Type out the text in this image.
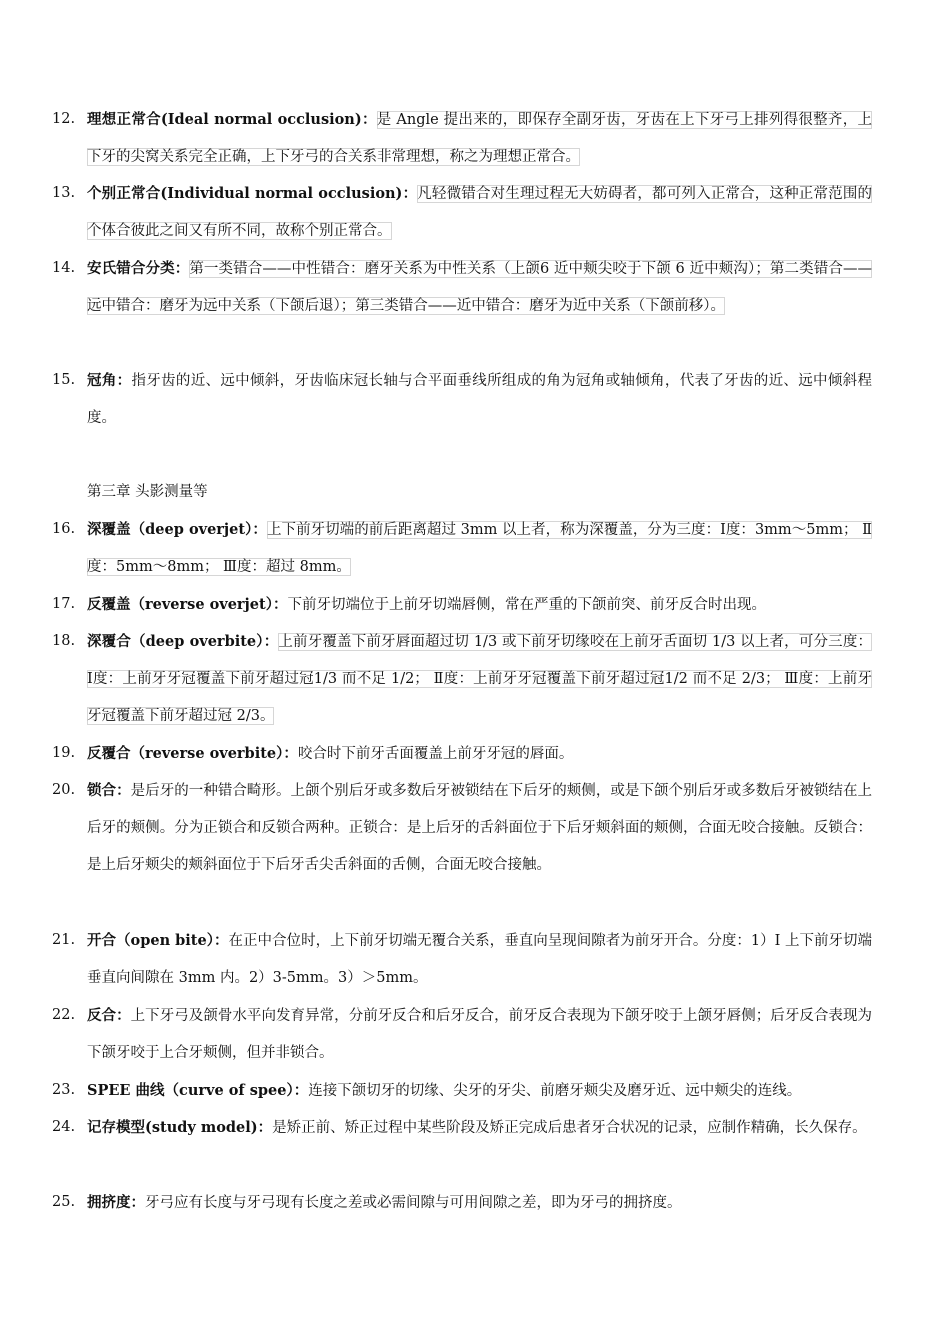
12. 理想正常合(Ideal normal occlusion)：是 Angle 提出来的，即保存全副牙齿，牙齿在上下牙弓上排列得很整齐，上下牙的尖窝关系完全正确，上下牙弓的合关系非常理想，称之为理想正常合。
13. 个别正常合(Individual normal occlusion)：凡轻微错合对生理过程无大妨碍者，都可列入正常合，这种正常范围的个体合彼此之间又有所不同，故称个别正常合。
14. 安氏错合分类：第一类错合——中性错合：磨牙关系为中性关系（上颌6 近中颊尖咬于下颌 6 近中颊沟）；第二类错合——远中错合：磨牙为远中关系（下颌后退）；第三类错合——近中错合：磨牙为近中关系（下颌前移）。
15. 冠角：指牙齿的近、远中倾斜，牙齿临床冠长轴与合平面垂线所组成的角为冠角或轴倾角，代表了牙齿的近、远中倾斜程度。
第三章 头影测量等
16. 深覆盖（deep overjet）：上下前牙切端的前后距离超过 3mm 以上者，称为深覆盖，分为三度：Ⅰ度：3mm～5mm； Ⅱ度：5mm～8mm； Ⅲ度：超过 8mm。
17. 反覆盖（reverse overjet）：下前牙切端位于上前牙切端唇侧，常在严重的下颌前突、前牙反合时出现。
18. 深覆合（deep overbite）：上前牙覆盖下前牙唇面超过切 1/3 或下前牙切缘咬在上前牙舌面切 1/3 以上者，可分三度： Ⅰ度：上前牙牙冠覆盖下前牙超过冠1/3 而不足 1/2； Ⅱ度：上前牙牙冠覆盖下前牙超过冠1/2 而不足 2/3； Ⅲ度：上前牙牙冠覆盖下前牙超过冠 2/3。
19. 反覆合（reverse overbite）：咬合时下前牙舌面覆盖上前牙牙冠的唇面。
20. 锁合：是后牙的一种错合畸形。上颌个别后牙或多数后牙被锁结在下后牙的颊侧，或是下颌个别后牙或多数后牙被锁结在上后牙的颊侧。分为正锁合和反锁合两种。正锁合：是上后牙的舌斜面位于下后牙颊斜面的颊侧，合面无咬合接触。反锁合：是上后牙颊尖的颊斜面位于下后牙舌尖舌斜面的舌侧，合面无咬合接触。
21. 开合（open bite）：在正中合位时，上下前牙切端无覆合关系，垂直向呈现间隙者为前牙开合。分度：1）I 上下前牙切端垂直向间隙在 3mm 内。2）3-5mm。3）＞5mm。
22. 反合：上下牙弓及颌骨水平向发育异常，分前牙反合和后牙反合，前牙反合表现为下颌牙咬于上颌牙唇侧；后牙反合表现为下颌牙咬于上合牙颊侧，但并非锁合。
23. SPEE 曲线（curve of spee）：连接下颌切牙的切缘、尖牙的牙尖、前磨牙颊尖及磨牙近、远中颊尖的连线。
24. 记存模型(study model)：是矫正前、矫正过程中某些阶段及矫正完成后患者牙合状况的记录，应制作精确，长久保存。
25. 拥挤度：牙弓应有长度与牙弓现有长度之差或必需间隙与可用间隙之差，即为牙弓的拥挤度。
